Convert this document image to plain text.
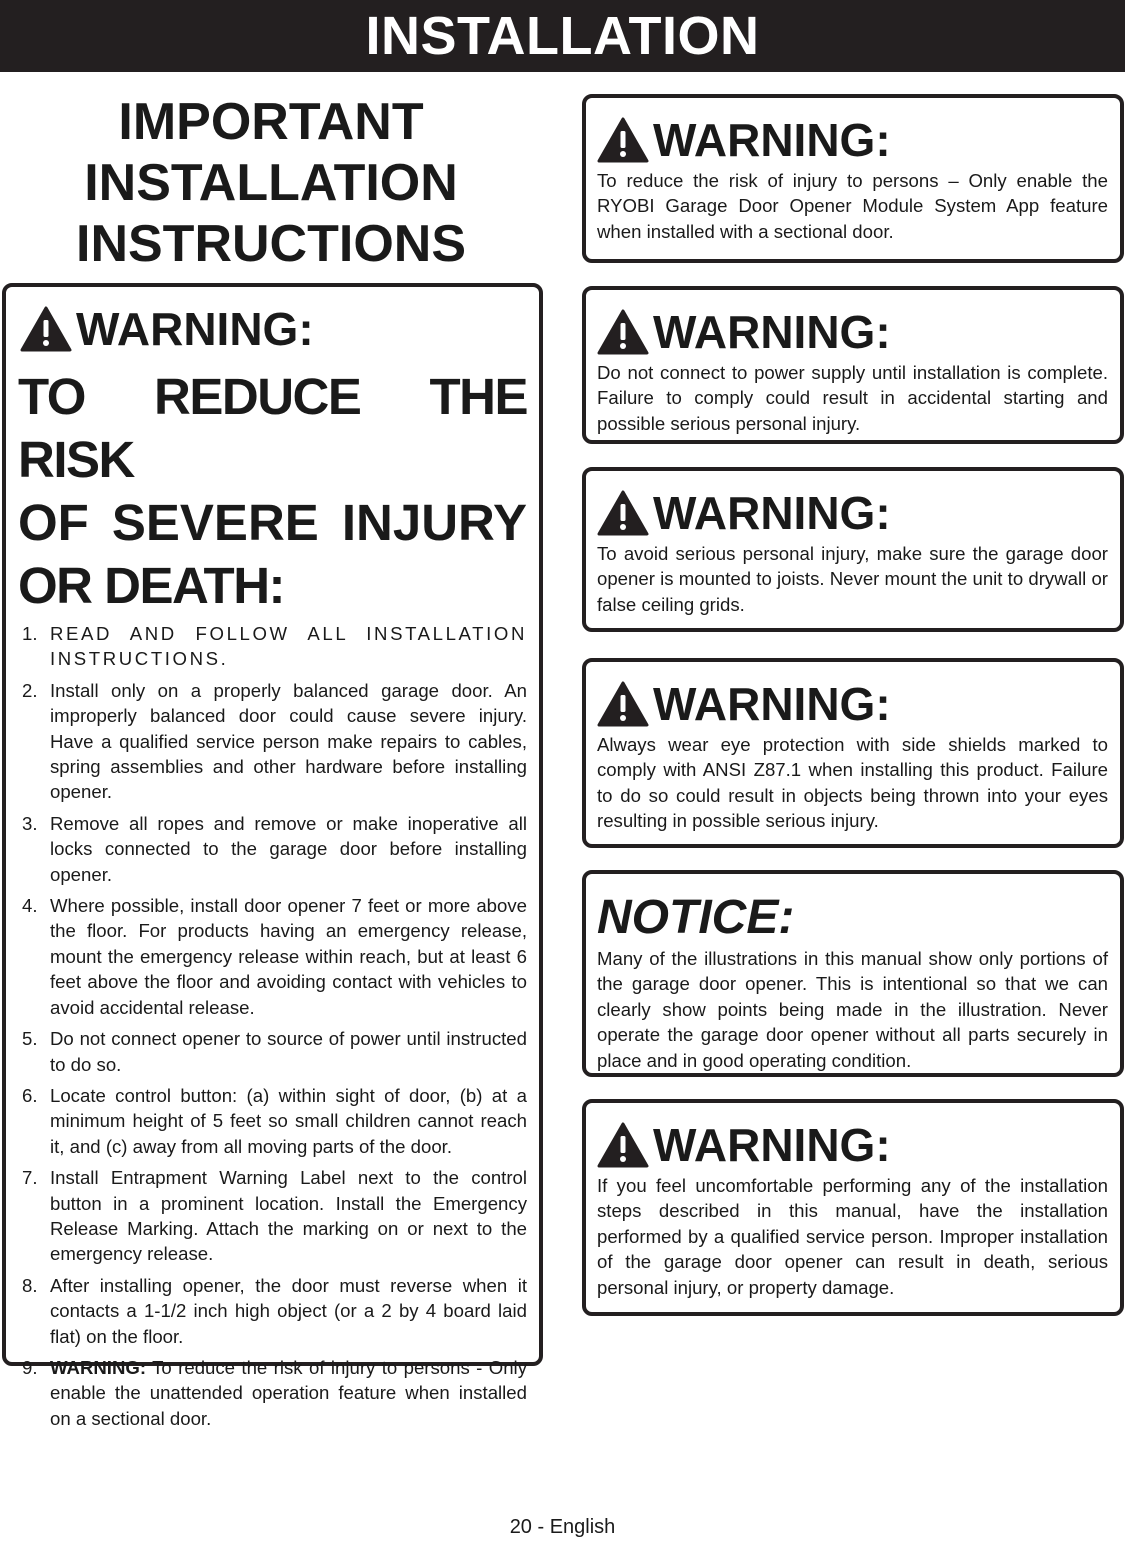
INSTALLATION
IMPORTANT
INSTALLATION
INSTRUCTIONS
WARNING:
TO REDUCE THE RISK
OF SEVERE INJURY
OR DEATH:
1. READ AND FOLLOW ALL INSTALLATION INSTRUCTIONS.
2. Install only on a properly balanced garage door. An improperly balanced door could cause severe injury. Have a qualified service person make repairs to cables, spring assemblies and other hardware before installing opener.
3. Remove all ropes and remove or make inoperative all locks connected to the garage door before installing opener.
4. Where possible, install door opener 7 feet or more above the floor. For products having an emergency release, mount the emergency release within reach, but at least 6 feet above the floor and avoiding contact with vehicles to avoid accidental release.
5. Do not connect opener to source of power until instructed to do so.
6. Locate control button: (a) within sight of door, (b) at a minimum height of 5 feet so small children cannot reach it, and (c) away from all moving parts of the door.
7. Install Entrapment Warning Label next to the control button in a prominent location. Install the Emergency Release Marking. Attach the marking on or next to the emergency release.
8. After installing opener, the door must reverse when it contacts a 1-1/2 inch high object (or a 2 by 4 board laid flat) on the floor.
9. WARNING: To reduce the risk of injury to persons - Only enable the unattended operation feature when installed on a sectional door.
WARNING:

To reduce the risk of injury to persons – Only enable the RYOBI Garage Door Opener Module System App feature when installed with a sectional door.

WARNING:

Do not connect to power supply until installation is complete. Failure to comply could result in accidental starting and possible serious personal injury.

WARNING:

To avoid serious personal injury, make sure the garage door opener is mounted to joists. Never mount the unit to drywall or false ceiling grids.

WARNING:

Always wear eye protection with side shields marked to comply with ANSI Z87.1 when installing this product. Failure to do so could result in objects being thrown into your eyes resulting in possible serious injury.

NOTICE:

Many of the illustrations in this manual show only portions of the garage door opener. This is intentional so that we can clearly show points being made in the illustration. Never operate the garage door opener without all parts securely in place and in good operating condition.

WARNING:

If you feel uncomfortable performing any of the installation steps described in this manual, have the installation performed by a qualified service person. Improper installation of the garage door opener can result in death, serious personal injury, or property damage.

20 - English
